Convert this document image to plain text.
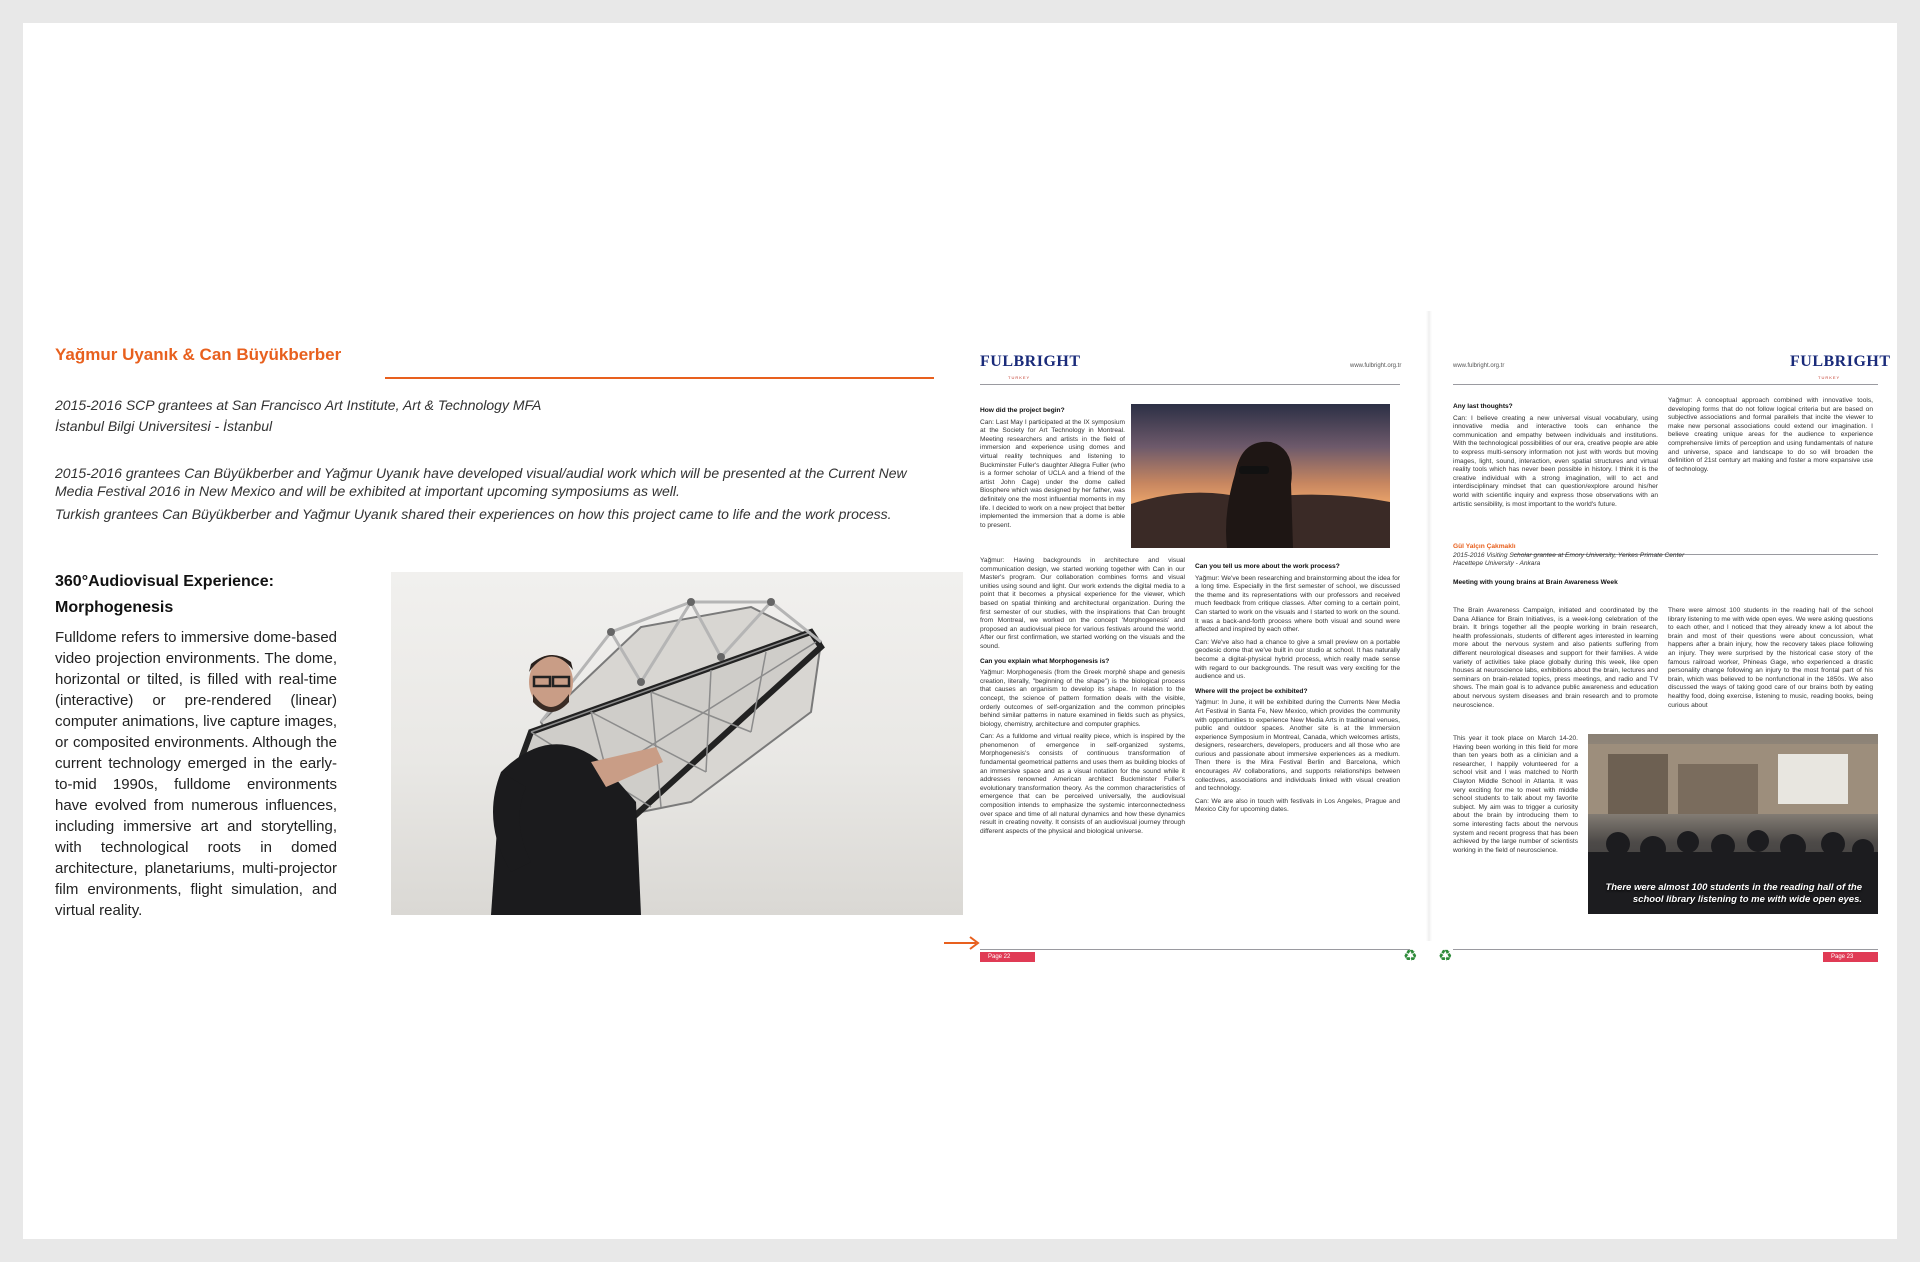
Yağmur Uyanık & Can Büyükberber
2015-2016 SCP grantees at San Francisco Art Institute, Art & Technology MFA
İstanbul Bilgi Universitesi - İstanbul
2015-2016 grantees Can Büyükberber and Yağmur Uyanık have developed visual/audial work which will be presented at the Current New Media Festival 2016 in New Mexico and will be exhibited at important upcoming symposiums as well.
Turkish grantees Can Büyükberber and Yağmur Uyanık shared their experiences on how this project came to life and the work process.
360°Audiovisual Experience: Morphogenesis
Fulldome refers to immersive dome-based video projection environments. The dome, horizontal or tilted, is filled with real-time (interactive) or pre-rendered (linear) computer animations, live capture images, or composited environments. Although the current technology emerged in the early-to-mid 1990s, fulldome environments have evolved from numerous influences, including immersive art and storytelling, with technological roots in domed architecture, planetariums, multi-projector film environments, flight simulation, and virtual reality.
FULBRIGHT
TURKEY
www.fulbright.org.tr
How did the project begin?

Can: Last May I participated at the IX symposium at the Society for Art Technology in Montreal. Meeting researchers and artists in the field of immersion and experience using domes and virtual reality techniques and listening to Buckminster Fuller's daughter Allegra Fuller (who is a former scholar of UCLA and a friend of the artist John Cage) under the dome called Biosphere which was designed by her father, was definitely one the most influential moments in my life. I decided to work on a new project that better implemented the immersion that a dome is able to present.

Yağmur: Having backgrounds in architecture and visual communication design, we started working together with Can in our Master's program. Our collaboration combines forms and visual unities using sound and light. Our work extends the digital media to a point that it becomes a physical experience for the viewer, which based on spatial thinking and architectural organization. During the first semester of our studies, with the inspirations that Can brought from Montreal, we worked on the concept 'Morphogenesis' and proposed an audiovisual piece for various festivals around the world. After our first confirmation, we started working on the visuals and the sound.

Can you explain what Morphogenesis is?

Yağmur: Morphogenesis (from the Greek morphê shape and genesis creation, literally, "beginning of the shape") is the biological process that causes an organism to develop its shape. In relation to the concept, the science of pattern formation deals with the visible, orderly outcomes of self-organization and the common principles behind similar patterns in nature examined in fields such as physics, biology, chemistry, architecture and computer graphics.

Can: As a fulldome and virtual reality piece, which is inspired by the phenomenon of emergence in self-organized systems, Morphogenesis's consists of continuous transformation of fundamental geometrical patterns and uses them as building blocks of an immersive space and as a visual notation for the sound while it addresses renowned American architect Buckminster Fuller's evolutionary transformation theory. As the common characteristics of emergence that can be perceived universally, the audiovisual composition intends to emphasize the systemic interconnectedness over space and time of all natural dynamics and how these dynamics result in creating novelty. It consists of an audiovisual journey through different aspects of the physical and biological universe.

Can you tell us more about the work process?

Yağmur: We've been researching and brainstorming about the idea for a long time. Especially in the first semester of school, we discussed the theme and its representations with our professors and received much feedback from critique classes. After coming to a certain point, Can started to work on the visuals and I started to work on the sound. It was a back-and-forth process where both visual and sound were affected and inspired by each other.

Can: We've also had a chance to give a small preview on a portable geodesic dome that we've built in our studio at school. It has naturally become a digital-physical hybrid process, which really made sense with regard to our backgrounds. The result was very exciting for the audience and us.

Where will the project be exhibited?

Yağmur: In June, it will be exhibited during the Currents New Media Art Festival in Santa Fe, New Mexico, which provides the community with opportunities to experience New Media Arts in traditional venues, public and outdoor spaces. Another site is at the Immersion experience Symposium in Montreal, Canada, which welcomes artists, designers, researchers, developers, producers and all those who are curious and passionate about immersive experiences as a medium. Then there is the Mira Festival Berlin and Barcelona, which encourages AV collaborations, and supports relationships between collectives, associations and individuals linked with visual creation and technology.

Can: We are also in touch with festivals in Los Angeles, Prague and Mexico City for upcoming dates.

Page 22	♻
www.fulbright.org.tr	FULBRIGHT
TURKEY
Any last thoughts?

Can: I believe creating a new universal visual vocabulary, using innovative media and interactive tools can enhance the communication and empathy between individuals and institutions. With the technological possibilities of our era, creative people are able to express multi-sensory information not just with words but moving images, light, sound, interaction, even spatial structures and virtual reality tools which has never been possible in history. I think it is the creative individual with a strong imagination, will to act and interdisciplinary mindset that can question/explore around his/her world with scientific inquiry and express those observations with an artistic sensibility, is most important to the world's future.

Yağmur: A conceptual approach combined with innovative tools, developing forms that do not follow logical criteria but are based on subjective associations and formal parallels that incite the viewer to make new personal associations could extend our imagination. I believe creating unique areas for the audience to experience comprehensive limits of perception and using fundamentals of nature and universe, space and landscape to do so will broaden the definition of 21st century art making and foster a more expansive use of technology.

Gül Yalçın Çakmaklı
2015-2016 Visiting Scholar grantee at Emory University, Yerkes Primate Center
Hacettepe University - Ankara
Meeting with young brains at Brain Awareness Week

The Brain Awareness Campaign, initiated and coordinated by the Dana Alliance for Brain Initiatives, is a week-long celebration of the brain. It brings together all the people working in brain research, health professionals, students of different ages interested in learning more about the nervous system and also patients suffering from different neurological diseases and support for their families. A wide variety of activities take place globally during this week, like open houses at neuroscience labs, exhibitions about the brain, lectures and seminars on brain-related topics, press meetings, and radio and TV shows. The main goal is to advance public awareness and education about nervous system diseases and brain research and to promote neuroscience.

This year it took place on March 14-20. Having been working in this field for more than ten years both as a clinician and a researcher, I happily volunteered for a school visit and I was matched to North Clayton Middle School in Atlanta. It was very exciting for me to meet with middle school students to talk about my favorite subject. My aim was to trigger a curiosity about the brain by introducing them to some interesting facts about the nervous system and recent progress that has been achieved by the large number of scientists working in the field of neuroscience.

There were almost 100 students in the reading hall of the school library listening to me with wide open eyes. We were asking questions to each other, and I noticed that they already knew a lot about the brain and most of their questions were about concussion, what happens after a brain injury, how the recovery takes place following an injury. They were surprised by the historical case story of the famous railroad worker, Phineas Gage, who experienced a drastic personality change following an injury to the most frontal part of his brain, which was believed to be nonfunctional in the 1850s. We also discussed the ways of taking good care of our brains both by eating healthy food, doing exercise, listening to music, reading books, being curious about

There were almost 100 students in the reading hall of the school library listening to me with wide open eyes.
Page 23
♻
